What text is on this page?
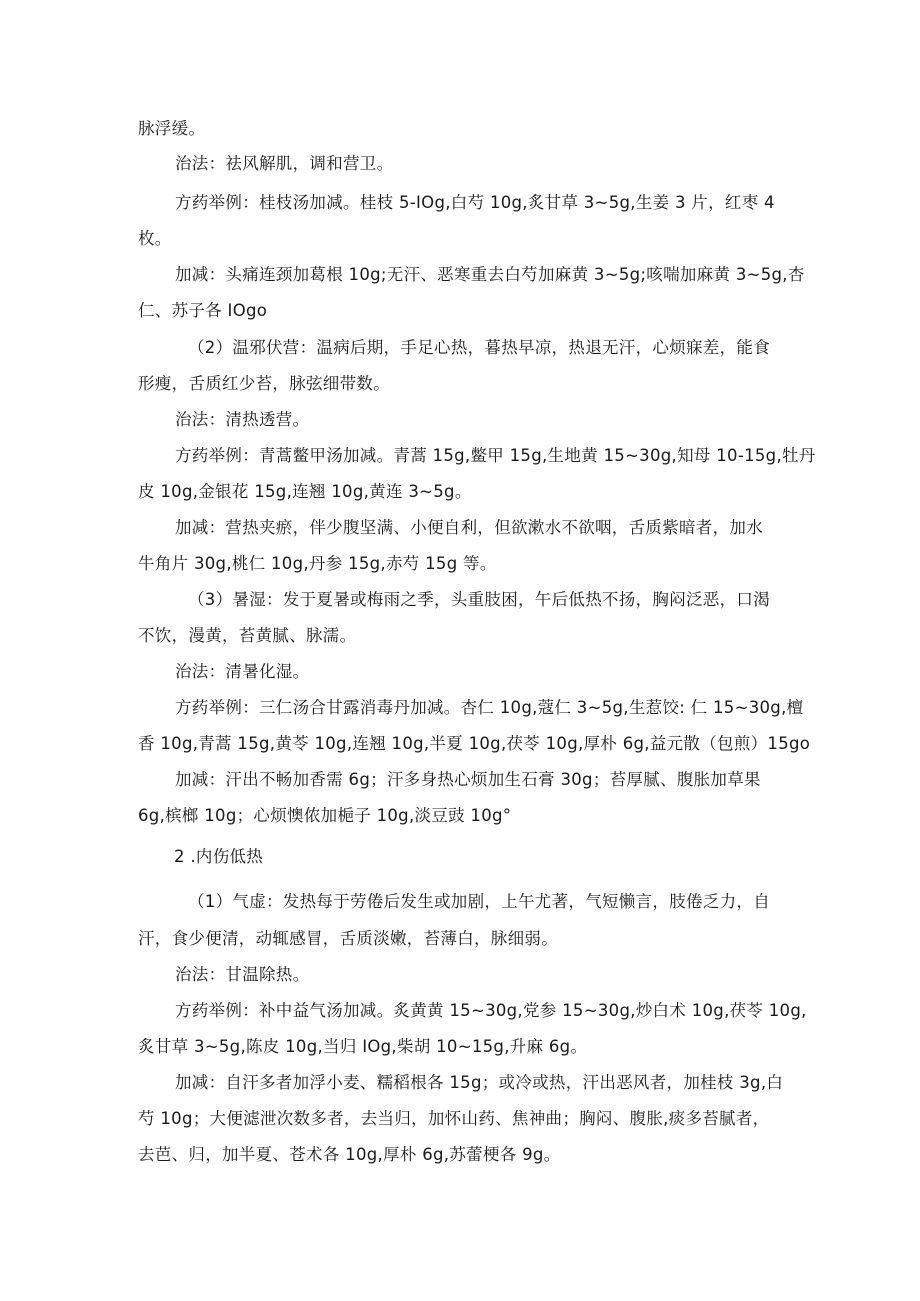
脉浮缓。
治法：祛风解肌，调和营卫。
方药举例：桂枝汤加减。桂枝 5-IOg,白芍 10g,炙甘草 3~5g,生姜 3 片，红枣 4
枚。
加减：头痛连颈加葛根 10g;无汗、恶寒重去白芍加麻黄 3~5g;咳喘加麻黄 3~5g,杏
仁、苏子各 IOgo
（2）温邪伏营：温病后期，手足心热，暮热早凉，热退无汗，心烦寐差，能食
形瘦，舌质红少苔，脉弦细带数。
治法：清热透营。
方药举例：青蒿鳖甲汤加减。青蒿 15g,鳖甲 15g,生地黄 15~30g,知母 10-15g,牡丹
皮 10g,金银花 15g,连翘 10g,黄连 3~5g。
加减：营热夹瘀，伴少腹坚满、小便自利，但欲漱水不欲咽，舌质紫暗者，加水
牛角片 30g,桃仁 10g,丹参 15g,赤芍 15g 等。
（3）暑湿：发于夏暑或梅雨之季，头重肢困，午后低热不扬，胸闷泛恶，口渴
不饮，漫黄，苔黄腻、脉濡。
治法：清暑化湿。
方药举例：三仁汤合甘露消毒丹加减。杏仁 10g,蔻仁 3~5g,生惹饺: 仁 15~30g,檀
香 10g,青蒿 15g,黄苓 10g,连翘 10g,半夏 10g,茯苓 10g,厚朴 6g,益元散（包煎）15go
加减：汗出不畅加香需 6g；汗多身热心烦加生石膏 30g；苔厚腻、腹胀加草果
6g,槟榔 10g；心烦懊侬加梔子 10g,淡豆豉 10g°
2 .内伤低热
（1）气虚：发热每于劳倦后发生或加剧，上午尤著，气短懒言，肢倦乏力，自
汗，食少便清，动辄感冒，舌质淡嫩，苔薄白，脉细弱。
治法：甘温除热。
方药举例：补中益气汤加减。炙黄黄 15~30g,党参 15~30g,炒白术 10g,茯苓 10g,
炙甘草 3~5g,陈皮 10g,当归 IOg,柴胡 10~15g,升麻 6g。
加减：自汗多者加浮小麦、糯稻根各 15g；或冷或热，汗出恶风者，加桂枝 3g,白
芍 10g；大便滤泄次数多者，去当归，加怀山药、焦神曲；胸闷、腹胀,痰多苔腻者，
去芭、归，加半夏、苍术各 10g,厚朴 6g,苏蕾梗各 9g。
